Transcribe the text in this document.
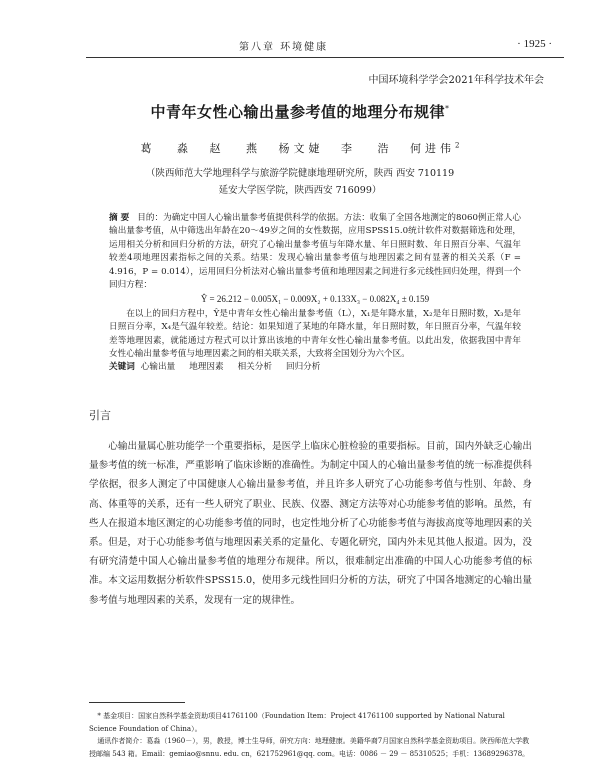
第八章 环境健康	· 1925 ·
中国环境科学学会2021年科学技术年会
中青年女性心输出量参考值的地理分布规律*
葛 淼 赵 燕 杨文婕 李 浩 何进伟$^2$
（陕西师范大学地理科学与旅游学院健康地理研究所，陕西 西安 710119
延安大学医学院，陕西西安 716099）

摘 要 目的：为确定中国人心输出量参考值提供科学的依据。方法：收集了全国各地测定的8060例正常人心输出量参考值，从中筛选出年龄在20～49岁之间的女性数据，应用SPSS15.0统计软件对数据筛选和处理，运用相关分析和回归分析的方法，研究了心输出量参考值与年降水量、年日照时数、年日照百分率、气温年较差4项地理因素指标之间的关系。结果：发现心输出量参考值与地理因素之间有显著的相关关系（F = 4.916，P = 0.014），运用回归分析法对心输出量参考值和地理因素之间进行多元线性回归处理，得到一个回归方程：

Ŷ = 26.212 − 0.005X₁ − 0.009X₂ + 0.133X₃ − 0.082X₄ ± 0.159

在以上的回归方程中，Ŷ是中青年女性心输出量参考值（L），X₁是年降水量，X₂是年日照时数，X₃是年日照百分率，X₄是气温年较差。结论：如果知道了某地的年降水量，年日照时数，年日照百分率，气温年较差等地理因素，就能通过方程式可以计算出该地的中青年女性心输出量参考值。以此出发，依据我国中青年女性心输出量参考值与地理因素之间的相关联关系，大致将全国划分为六个区。

关键词 心输出量 地理因素 相关分析 回归分析

引言

心输出量属心脏功能学一个重要指标，是医学上临床心脏检验的重要指标。目前，国内外缺乏心输出量参考值的统一标准，严重影响了临床诊断的准确性。为制定中国人的心输出量参考值的统一标准提供科学依据，很多人测定了中国健康人心输出量参考值，并且许多人研究了心功能参考值与性别、年龄、身高、体重等的关系，还有一些人研究了职业、民族、仪器、测定方法等对心功能参考值的影响。虽然，有些人在报道本地区测定的心功能参考值的同时，也定性地分析了心功能参考值与海拔高度等地理因素的关系。但是，对于心功能参考值与地理因素关系的定量化、专题化研究，国内外未见其他人报道。因为，没有研究清楚中国人心输出量参考值的地理分布规律。所以，很难制定出准确的中国人心功能参考值的标准。本文运用数据分析软件SPSS15.0，使用多元线性回归分析的方法，研究了中国各地测定的心输出量参考值与地理因素的关系，发现有一定的规律性。

* 基金项目：国家自然科学基金资助项目41761100（Foundation Item：Project 41761100 supported by National Natural Science Foundation of China）。

通讯作者简介：葛淼（1960－），男，教授，博士生导师，研究方向：地理健康。美籍华裔7月国家自然科学基金资助项目。陕西师范大学教授邮编 543 箱。Email：gemiao@snnu. edu. cn，621752961@qq. com。电话：0086 － 29 － 85310525；手机：13689296378。
